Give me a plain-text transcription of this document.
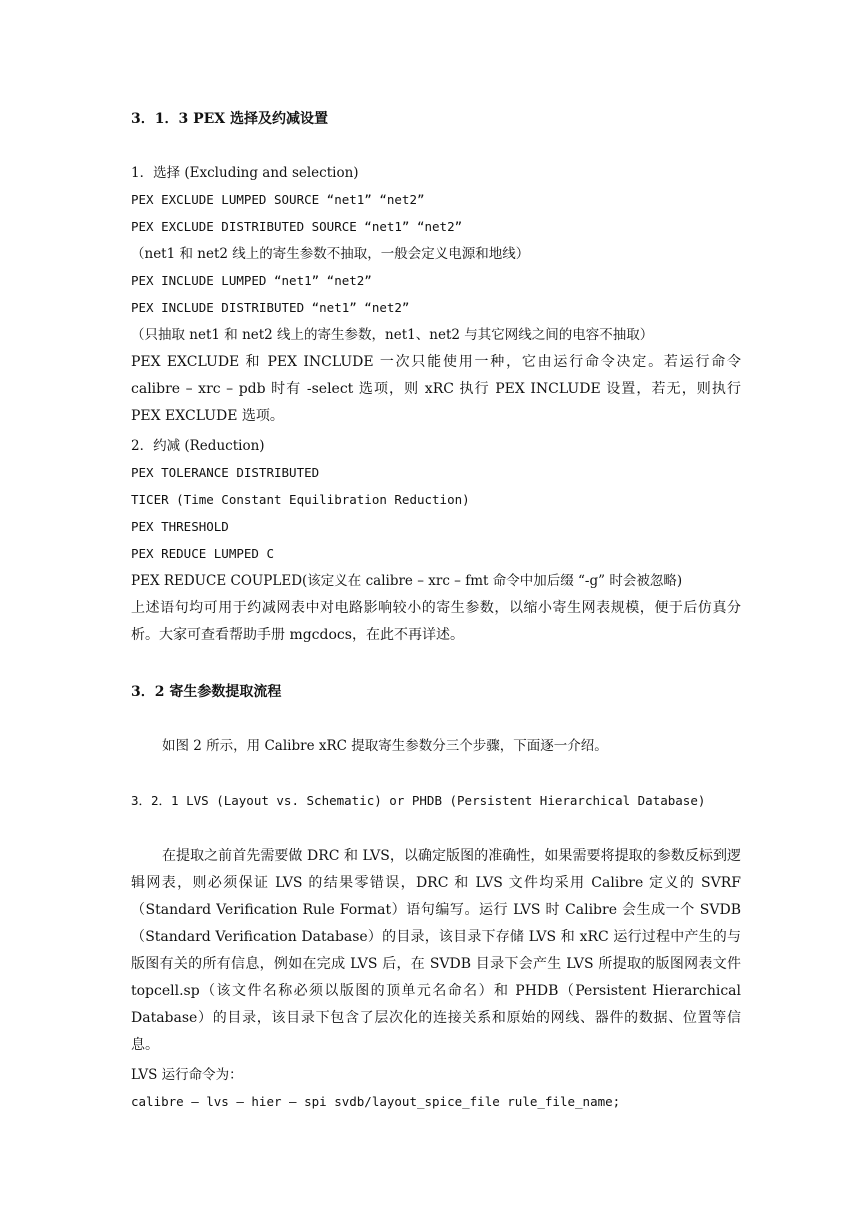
3．1．3 PEX 选择及约减设置
1．选择 (Excluding and selection)
PEX EXCLUDE LUMPED SOURCE “net1” “net2”
PEX EXCLUDE DISTRIBUTED SOURCE “net1” “net2”
（net1 和 net2 线上的寄生参数不抽取，一般会定义电源和地线）
PEX INCLUDE LUMPED “net1” “net2”
PEX INCLUDE DISTRIBUTED “net1” “net2”
（只抽取 net1 和 net2 线上的寄生参数，net1、net2 与其它网线之间的电容不抽取）
PEX EXCLUDE 和 PEX INCLUDE 一次只能使用一种，它由运行命令决定。若运行命令 calibre – xrc – pdb 时有 -select 选项，则 xRC 执行 PEX INCLUDE 设置，若无，则执行 PEX EXCLUDE 选项。
2．约减 (Reduction)
PEX TOLERANCE DISTRIBUTED
TICER (Time Constant Equilibration Reduction)
PEX THRESHOLD
PEX REDUCE LUMPED C
PEX REDUCE COUPLED(该定义在 calibre – xrc – fmt 命令中加后缀 “-g” 时会被忽略)
上述语句均可用于约减网表中对电路影响较小的寄生参数，以缩小寄生网表规模，便于后仿真分析。大家可查看帮助手册 mgcdocs，在此不再详述。
3．2 寄生参数提取流程
如图 2 所示，用 Calibre xRC 提取寄生参数分三个步骤，下面逐一介绍。
3．2．1 LVS (Layout vs. Schematic) or PHDB (Persistent Hierarchical Database)
在提取之前首先需要做 DRC 和 LVS，以确定版图的准确性，如果需要将提取的参数反标到逻辑网表，则必须保证 LVS 的结果零错误，DRC 和 LVS 文件均采用 Calibre 定义的 SVRF（Standard Verification Rule Format）语句编写。运行 LVS 时 Calibre 会生成一个 SVDB（Standard Verification Database）的目录，该目录下存储 LVS 和 xRC 运行过程中产生的与版图有关的所有信息，例如在完成 LVS 后，在 SVDB 目录下会产生 LVS 所提取的版图网表文件 topcell.sp（该文件名称必须以版图的顶单元名命名）和 PHDB（Persistent Hierarchical Database）的目录，该目录下包含了层次化的连接关系和原始的网线、器件的数据、位置等信息。
LVS 运行命令为：
calibre – lvs – hier – spi svdb/layout_spice_file rule_file_name;
